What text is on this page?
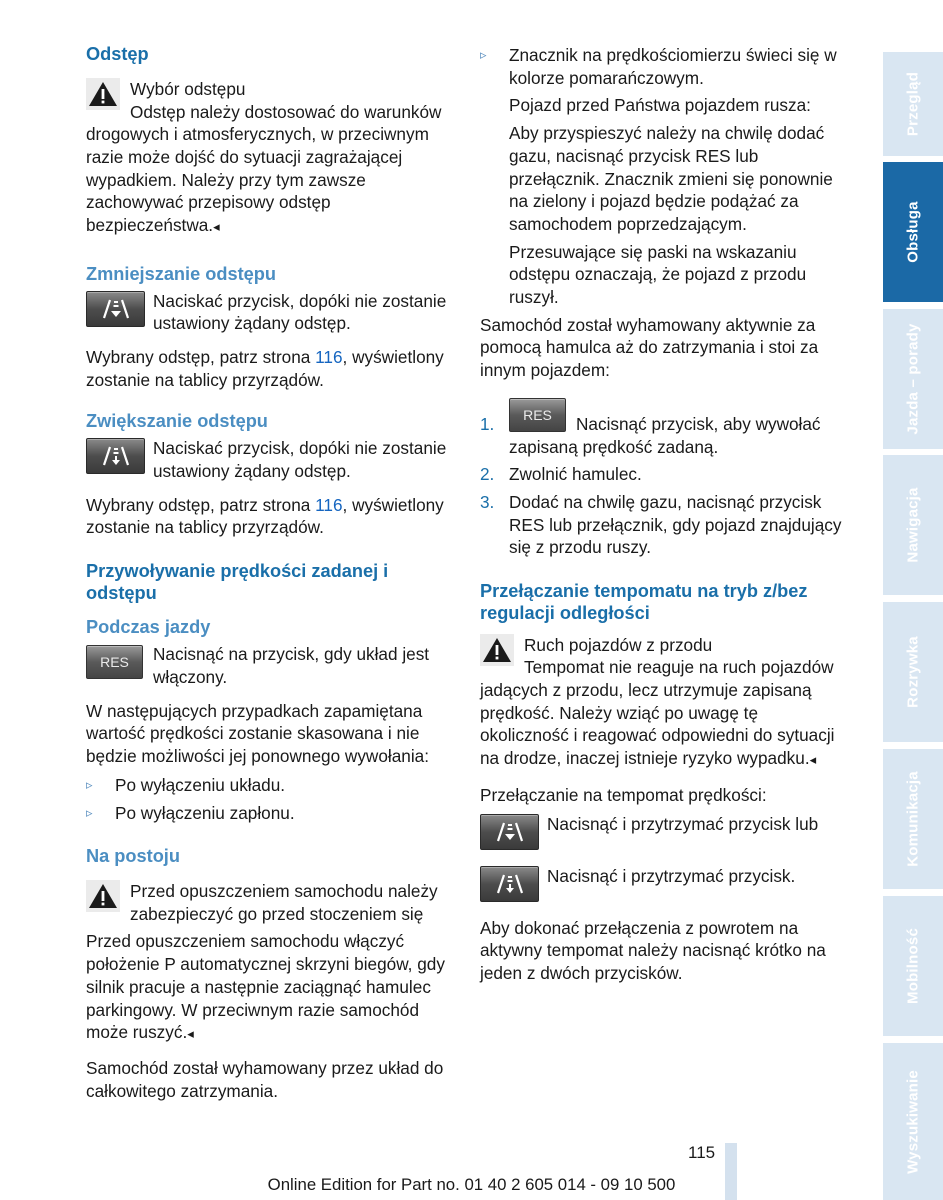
Odstęp

Wybór odstępu

Odstęp należy dostosować do warunków

drogowych i atmosferycznych, w przeciwnym razie może dojść do sytuacji zagrażającej wypadkiem. Należy przy tym zawsze zachowywać przepisowy odstęp bezpieczeństwa.◂

Zmniejszanie odstępu

Naciskać przycisk, dopóki nie zostanie ustawiony żądany odstęp.

Wybrany odstęp, patrz strona 116, wyświetlony zostanie na tablicy przyrządów.

Zwiększanie odstępu

Naciskać przycisk, dopóki nie zostanie ustawiony żądany odstęp.

Wybrany odstęp, patrz strona 116, wyświetlony zostanie na tablicy przyrządów.

Przywoływanie prędkości zadanej i odstępu

Podczas jazdy

RES	Nacisnąć na przycisk, gdy układ jest włączony.

W następujących przypadkach zapamiętana wartość prędkości zostanie skasowana i nie będzie możliwości jej ponownego wywołania:

▹ Po wyłączeniu układu.
▹ Po wyłączeniu zapłonu.

Na postoju

Przed opuszczeniem samochodu należy zabezpieczyć go przed stoczeniem się

Przed opuszczeniem samochodu włączyć położenie P automatycznej skrzyni biegów, gdy silnik pracuje a następnie zaciągnąć hamulec parkingowy. W przeciwnym razie samochód może ruszyć.◂

Samochód został wyhamowany przez układ do całkowitego zatrzymania.

▹ Znacznik na prędkościomierzu świeci się w kolorze pomarańczowym.

Pojazd przed Państwa pojazdem rusza:

Aby przyspieszyć należy na chwilę dodać gazu, nacisnąć przycisk RES lub przełącznik. Znacznik zmieni się ponownie na zielony i pojazd będzie podążać za samochodem poprzedzającym.

Przesuwające się paski na wskazaniu odstępu oznaczają, że pojazd z przodu ruszył.

Samochód został wyhamowany aktywnie za pomocą hamulca aż do zatrzymania i stoi za innym pojazdem:

1.	RES	Nacisnąć przycisk, aby wywołać zapisaną prędkość zadaną.

2. Zwolnić hamulec.
3. Dodać na chwilę gazu, nacisnąć przycisk RES lub przełącznik, gdy pojazd znajdujący się z przodu ruszy.

Przełączanie tempomatu na tryb z/bez regulacji odległości

Ruch pojazdów z przodu

Tempomat nie reaguje na ruch pojazdów

jadących z przodu, lecz utrzymuje zapisaną prędkość. Należy wziąć po uwagę tę okoliczność i reagować odpowiedni do sytuacji na drodze, inaczej istnieje ryzyko wypadku.◂

Przełączanie na tempomat prędkości:

Nacisnąć i przytrzymać przycisk lub

Nacisnąć i przytrzymać przycisk.

Aby dokonać przełączenia z powrotem na aktywny tempomat należy nacisnąć krótko na jeden z dwóch przycisków.

Przegląd
Obsługa
Jazda – porady
Nawigacja
Rozrywka
Komunikacja
Mobilność
Wyszukiwanie
115
Online Edition for Part no. 01 40 2 605 014 - 09 10 500
